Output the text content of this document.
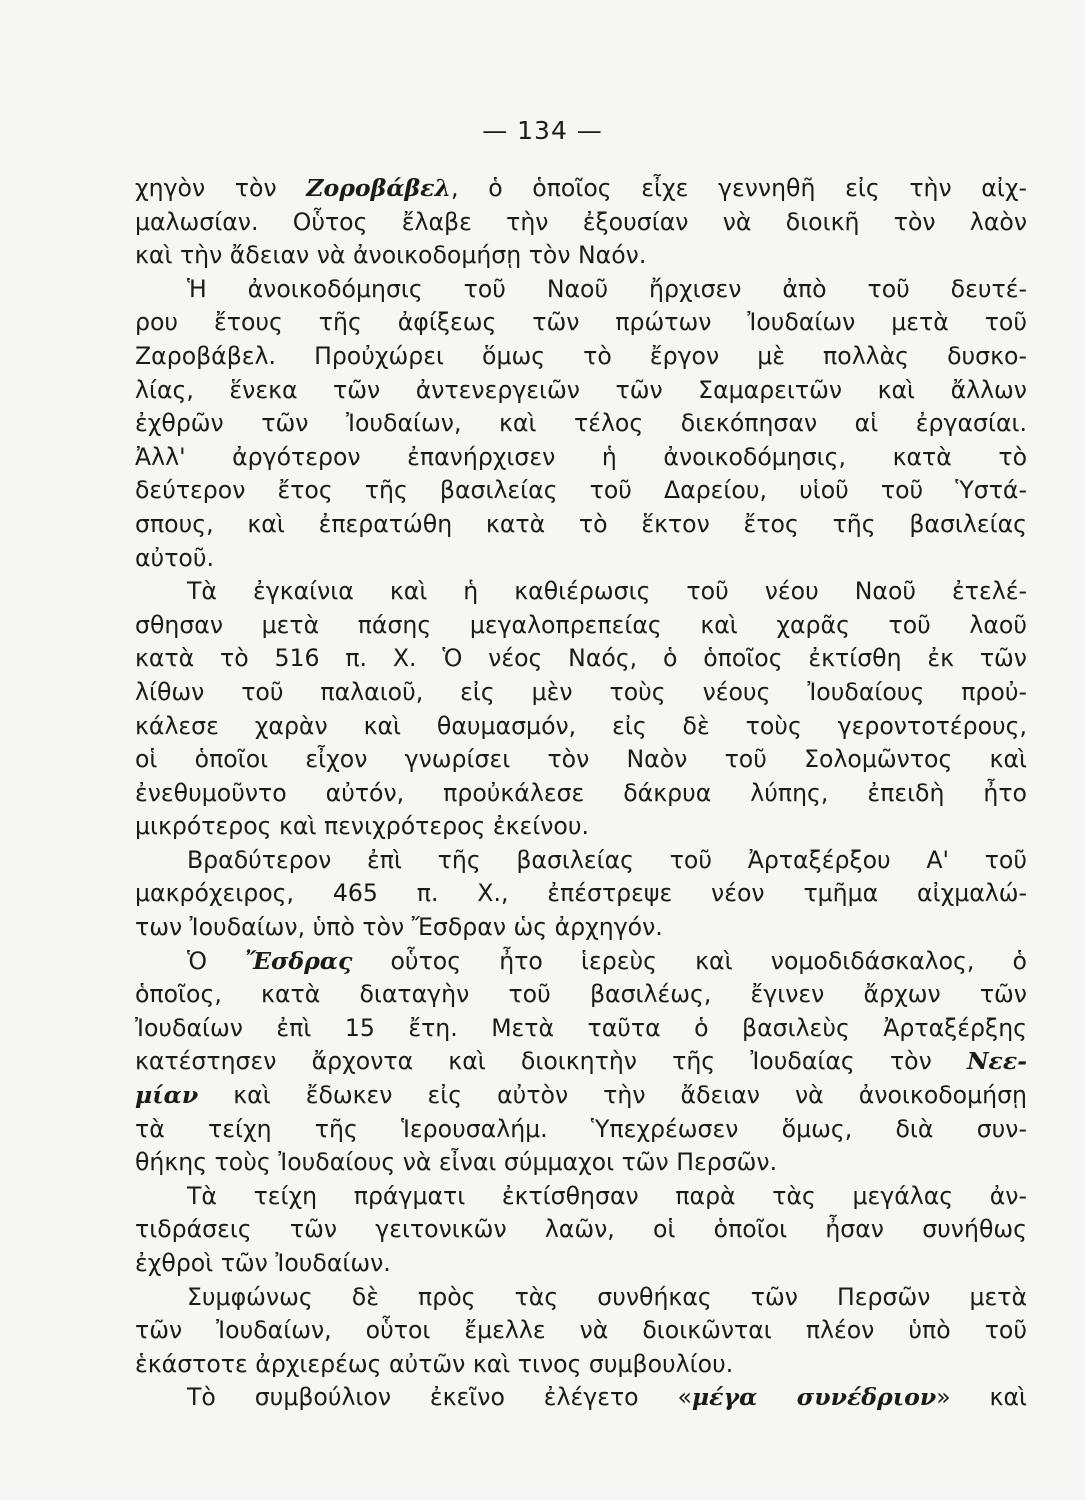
— 134 —
χηγὸν τὸν Ζοροβάβελ, ὁ ὁποῖος εἶχε γεννηθῆ εἰς τὴν αἰχ-
μαλωσίαν. Οὗτος ἔλαβε τὴν ἐξουσίαν νὰ διοικῆ τὸν λαὸν
καὶ τὴν ἄδειαν νὰ ἀνοικοδομήσῃ τὸν Ναόν.
Ἡ ἀνοικοδόμησις τοῦ Ναοῦ ἤρχισεν ἀπὸ τοῦ δευτέ-
ρου ἔτους τῆς ἀφίξεως τῶν πρώτων Ἰουδαίων μετὰ τοῦ
Ζαροβάβελ. Προὐχώρει ὅμως τὸ ἔργον μὲ πολλὰς δυσκο-
λίας, ἕνεκα τῶν ἀντενεργειῶν τῶν Σαμαρειτῶν καὶ ἄλλων
ἐχθρῶν τῶν Ἰουδαίων, καὶ τέλος διεκόπησαν αἱ ἐργασίαι.
Ἀλλ' ἀργότερον ἐπανήρχισεν ἡ ἀνοικοδόμησις, κατὰ τὸ
δεύτερον ἔτος τῆς βασιλείας τοῦ Δαρείου, υἱοῦ τοῦ Ὑστά-
σπους, καὶ ἐπερατώθη κατὰ τὸ ἕκτον ἔτος τῆς βασιλείας
αὐτοῦ.
Τὰ ἐγκαίνια καὶ ἡ καθιέρωσις τοῦ νέου Ναοῦ ἐτελέ-
σθησαν μετὰ πάσης μεγαλοπρεπείας καὶ χαρᾶς τοῦ λαοῦ
κατὰ τὸ 516 π. Χ. Ὁ νέος Ναός, ὁ ὁποῖος ἐκτίσθη ἐκ τῶν
λίθων τοῦ παλαιοῦ, εἰς μὲν τοὺς νέους Ἰουδαίους προὐ-
κάλεσε χαρὰν καὶ θαυμασμόν, εἰς δὲ τοὺς γεροντοτέρους,
οἱ ὁποῖοι εἶχον γνωρίσει τὸν Ναὸν τοῦ Σολομῶντος καὶ
ἐνεθυμοῦντο αὐτόν, προὐκάλεσε δάκρυα λύπης, ἐπειδὴ ἦτο
μικρότερος καὶ πενιχρότερος ἐκείνου.
Βραδύτερον ἐπὶ τῆς βασιλείας τοῦ Ἀρταξέρξου Α' τοῦ
μακρόχειρος, 465 π. Χ., ἐπέστρεψε νέον τμῆμα αἰχμαλώ-
των Ἰουδαίων, ὑπὸ τὸν Ἔσδραν ὡς ἀρχηγόν.
Ὁ Ἔσδρας οὗτος ἦτο ἱερεὺς καὶ νομοδιδάσκαλος, ὁ
ὁποῖος, κατὰ διαταγὴν τοῦ βασιλέως, ἔγινεν ἄρχων τῶν
Ἰουδαίων ἐπὶ 15 ἔτη. Μετὰ ταῦτα ὁ βασιλεὺς Ἀρταξέρξης
κατέστησεν ἄρχοντα καὶ διοικητὴν τῆς Ἰουδαίας τὸν Νεε-
μίαν καὶ ἔδωκεν εἰς αὐτὸν τὴν ἄδειαν νὰ ἀνοικοδομήσῃ
τὰ τείχη τῆς Ἱερουσαλήμ. Ὑπεχρέωσεν ὅμως, διὰ συν-
θήκης τοὺς Ἰουδαίους νὰ εἶναι σύμμαχοι τῶν Περσῶν.
Τὰ τείχη πράγματι ἐκτίσθησαν παρὰ τὰς μεγάλας ἀν-
τιδράσεις τῶν γειτονικῶν λαῶν, οἱ ὁποῖοι ἦσαν συνήθως
ἐχθροὶ τῶν Ἰουδαίων.
Συμφώνως δὲ πρὸς τὰς συνθήκας τῶν Περσῶν μετὰ
τῶν Ἰουδαίων, οὗτοι ἔμελλε νὰ διοικῶνται πλέον ὑπὸ τοῦ
ἑκάστοτε ἀρχιερέως αὐτῶν καὶ τινος συμβουλίου.
Τὸ συμβούλιον ἐκεῖνο ἐλέγετο «μέγα συνέδριον» καὶ
